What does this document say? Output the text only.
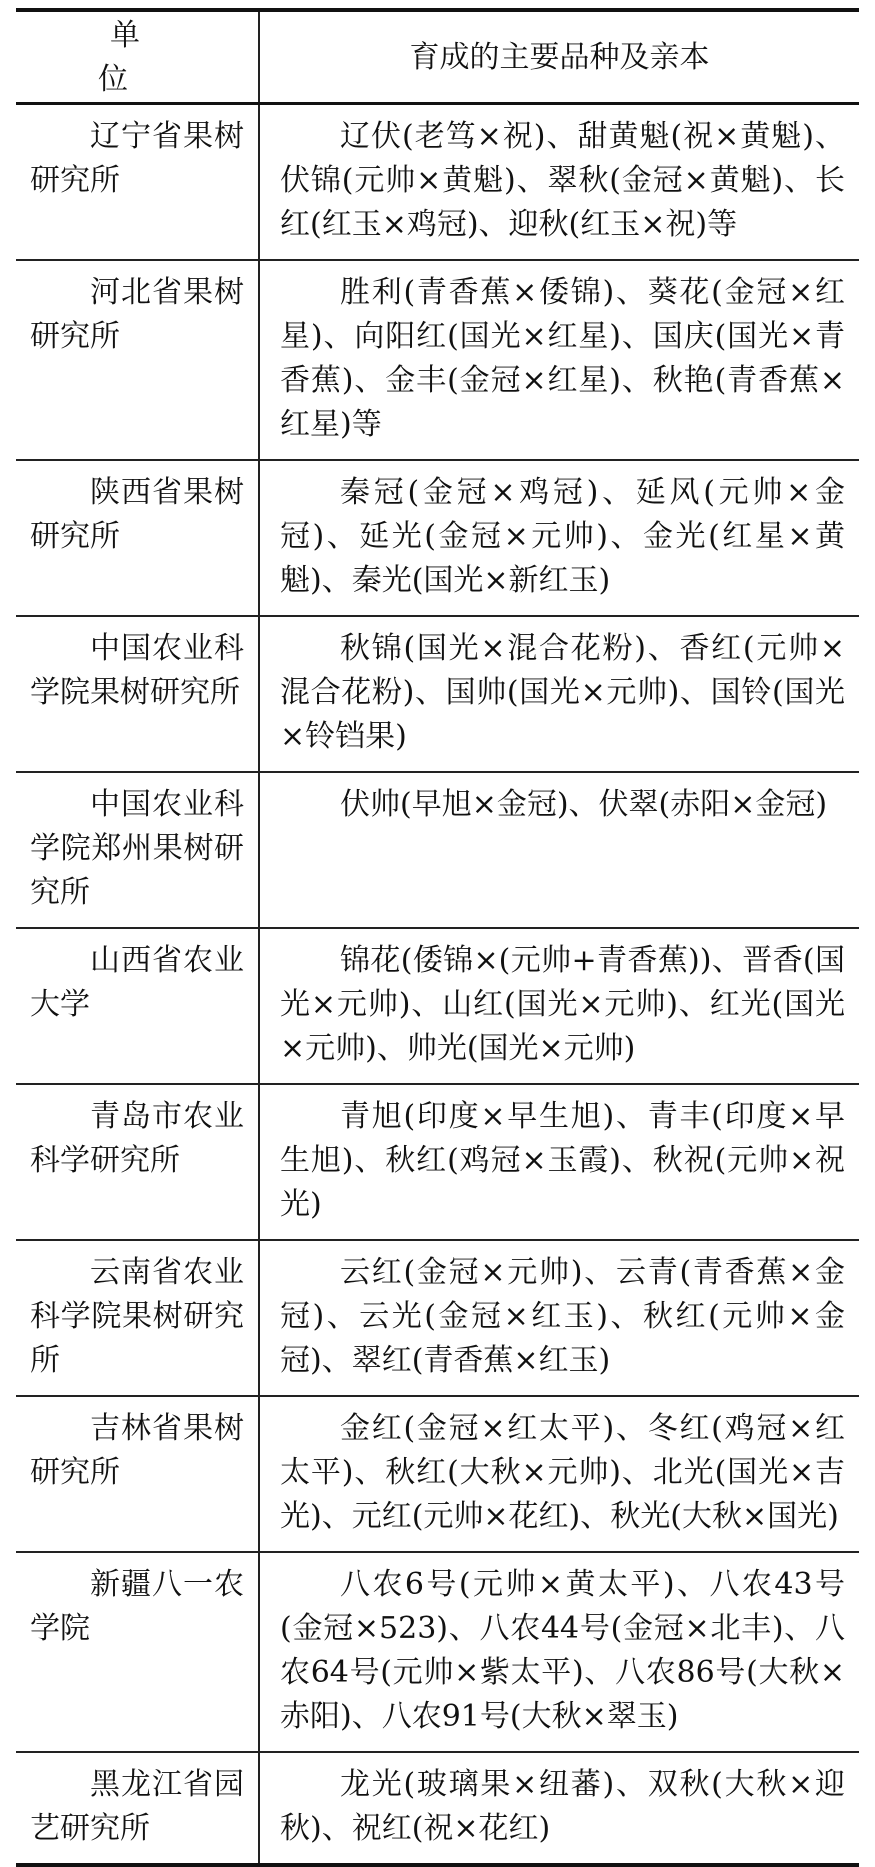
单　位	育成的主要品种及亲本

辽宁省果树研究所	辽伏(老笃×祝)、甜黄魁(祝×黄魁)、伏锦(元帅×黄魁)、翠秋(金冠×黄魁)、长红(红玉×鸡冠)、迎秋(红玉×祝)等

河北省果树研究所	胜利(青香蕉×倭锦)、葵花(金冠×红星)、向阳红(国光×红星)、国庆(国光×青香蕉)、金丰(金冠×红星)、秋艳(青香蕉×红星)等

陕西省果树研究所	秦冠(金冠×鸡冠)、延风(元帅×金冠)、延光(金冠×元帅)、金光(红星×黄魁)、秦光(国光×新红玉)

中国农业科学院果树研究所	秋锦(国光×混合花粉)、香红(元帅×混合花粉)、国帅(国光×元帅)、国铃(国光×铃铛果)

中国农业科学院郑州果树研究所	伏帅(早旭×金冠)、伏翠(赤阳×金冠)

山西省农业大学	锦花(倭锦×(元帅+青香蕉))、晋香(国光×元帅)、山红(国光×元帅)、红光(国光×元帅)、帅光(国光×元帅)

青岛市农业科学研究所	青旭(印度×早生旭)、青丰(印度×早生旭)、秋红(鸡冠×玉霞)、秋祝(元帅×祝光)

云南省农业科学院果树研究所	云红(金冠×元帅)、云青(青香蕉×金冠)、云光(金冠×红玉)、秋红(元帅×金冠)、翠红(青香蕉×红玉)

吉林省果树研究所	金红(金冠×红太平)、冬红(鸡冠×红太平)、秋红(大秋×元帅)、北光(国光×吉光)、元红(元帅×花红)、秋光(大秋×国光)

新疆八一农学院	八农6号(元帅×黄太平)、八农43号(金冠×523)、八农44号(金冠×北丰)、八农64号(元帅×紫太平)、八农86号(大秋×赤阳)、八农91号(大秋×翠玉)

黑龙江省园艺研究所	龙光(玻璃果×纽蕃)、双秋(大秋×迎秋)、祝红(祝×花红)
